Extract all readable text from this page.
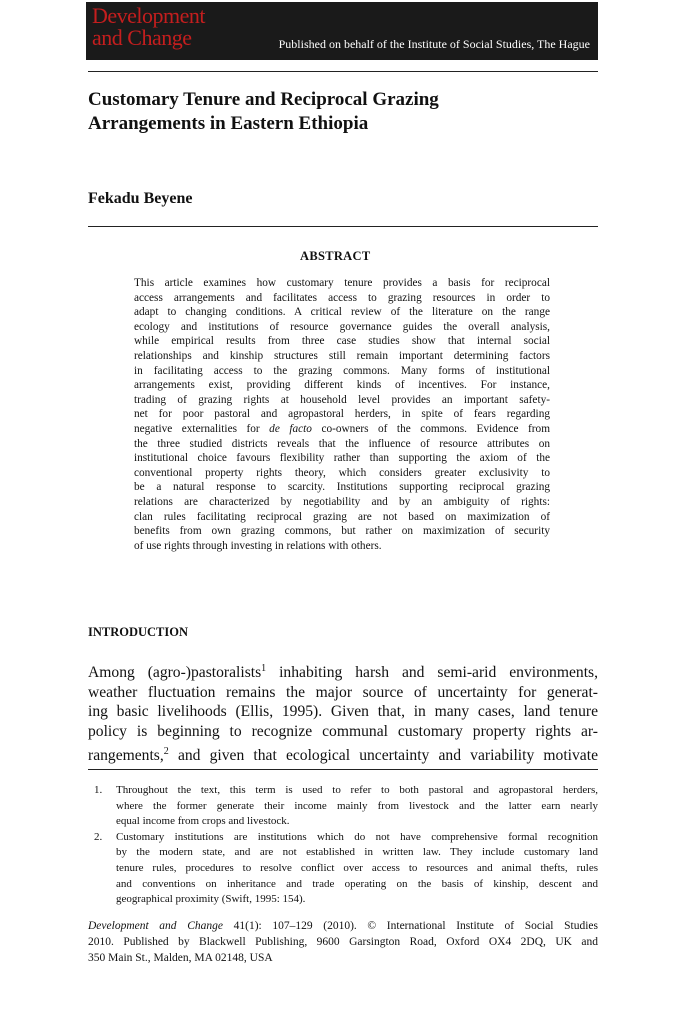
Development
and Change	Published on behalf of the Institute of Social Studies, The Hague
Customary Tenure and Reciprocal Grazing
Arrangements in Eastern Ethiopia
Fekadu Beyene
ABSTRACT
This article examines how customary tenure provides a basis for reciprocal
access arrangements and facilitates access to grazing resources in order to
adapt to changing conditions. A critical review of the literature on the range
ecology and institutions of resource governance guides the overall analysis,
while empirical results from three case studies show that internal social
relationships and kinship structures still remain important determining factors
in facilitating access to the grazing commons. Many forms of institutional
arrangements exist, providing different kinds of incentives. For instance,
trading of grazing rights at household level provides an important safety-
net for poor pastoral and agropastoral herders, in spite of fears regarding
negative externalities for de facto co-owners of the commons. Evidence from
the three studied districts reveals that the influence of resource attributes on
institutional choice favours flexibility rather than supporting the axiom of the
conventional property rights theory, which considers greater exclusivity to
be a natural response to scarcity. Institutions supporting reciprocal grazing
relations are characterized by negotiability and by an ambiguity of rights:
clan rules facilitating reciprocal grazing are not based on maximization of
benefits from own grazing commons, but rather on maximization of security
of use rights through investing in relations with others.
INTRODUCTION
Among (agro-)pastoralists$^1$ inhabiting harsh and semi-arid environments,
weather fluctuation remains the major source of uncertainty for generat-
ing basic livelihoods (Ellis, 1995). Given that, in many cases, land tenure
policy is beginning to recognize communal customary property rights ar-
rangements,$^2$ and given that ecological uncertainty and variability motivate
1. Throughout the text, this term is used to refer to both pastoral and agropastoral herders,
where the former generate their income mainly from livestock and the latter earn nearly
equal income from crops and livestock.
2. Customary institutions are institutions which do not have comprehensive formal recognition
by the modern state, and are not established in written law. They include customary land
tenure rules, procedures to resolve conflict over access to resources and animal thefts, rules
and conventions on inheritance and trade operating on the basis of kinship, descent and
geographical proximity (Swift, 1995: 154).
Development and Change 41(1): 107–129 (2010). © International Institute of Social Studies
2010. Published by Blackwell Publishing, 9600 Garsington Road, Oxford OX4 2DQ, UK and
350 Main St., Malden, MA 02148, USA
